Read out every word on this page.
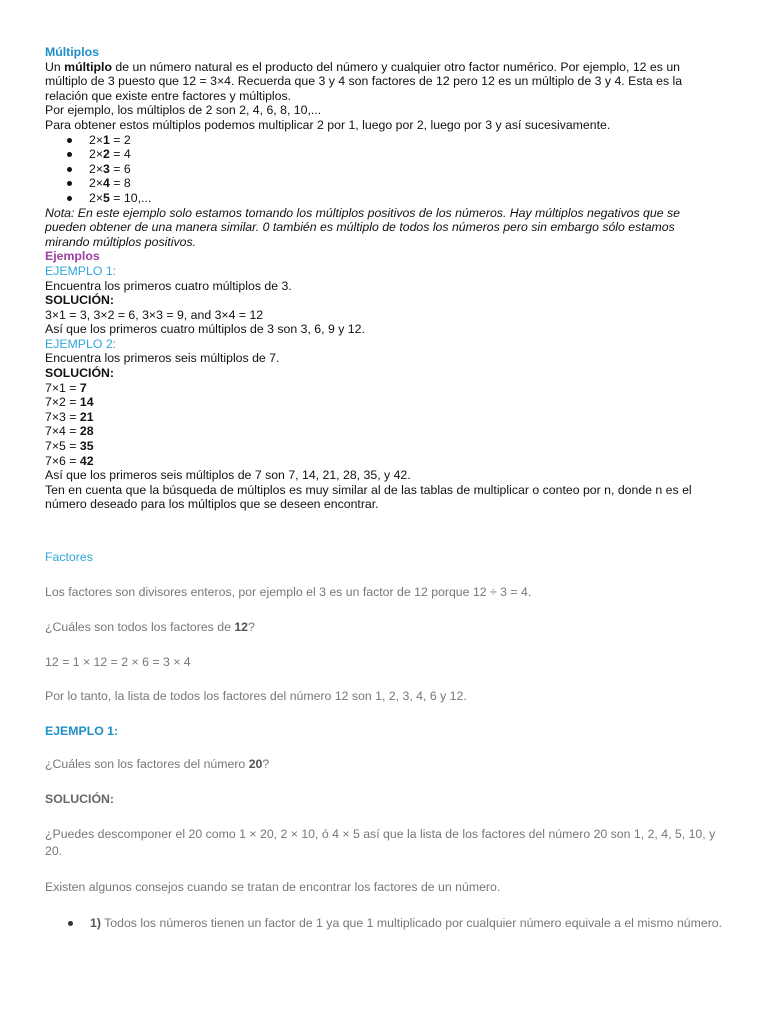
Múltiplos

Un múltiplo de un número natural es el producto del número y cualquier otro factor numérico. Por ejemplo, 12 es un múltiplo de 3 puesto que 12 = 3×4. Recuerda que 3 y 4 son factores de 12 pero 12 es un múltiplo de 3 y 4. Esta es la relación que existe entre factores y múltiplos.

Por ejemplo, los múltiplos de 2 son 2, 4, 6, 8, 10,...

Para obtener estos múltiplos podemos multiplicar 2 por 1, luego por 2, luego por 3 y así sucesivamente.

2×1 = 2
2×2 = 4
2×3 = 6
2×4 = 8
2×5 = 10,...

Nota: En este ejemplo solo estamos tomando los múltiplos positivos de los números. Hay múltiplos negativos que se pueden obtener de una manera similar. 0 también es múltiplo de todos los números pero sin embargo sólo estamos mirando múltiplos positivos.

Ejemplos

EJEMPLO 1:

Encuentra los primeros cuatro múltiplos de 3.

SOLUCIÓN:

3×1 = 3, 3×2 = 6, 3×3 = 9, and 3×4 = 12

Así que los primeros cuatro múltiplos de 3 son 3, 6, 9 y 12.

EJEMPLO 2:

Encuentra los primeros seis múltiplos de 7.

SOLUCIÓN:

7×1 = 7

7×2 = 14

7×3 = 21

7×4 = 28

7×5 = 35

7×6 = 42

Así que los primeros seis múltiplos de 7 son 7, 14, 21, 28, 35, y 42.

Ten en cuenta que la búsqueda de múltiplos es muy similar al de las tablas de multiplicar o conteo por n, donde n es el número deseado para los múltiplos que se deseen encontrar.

Factores
Los factores son divisores enteros, por ejemplo el 3 es un factor de 12 porque 12 ÷ 3 = 4.
¿Cuáles son todos los factores de 12?
12 = 1 × 12 = 2 × 6 = 3 × 4
Por lo tanto, la lista de todos los factores del número 12 son 1, 2, 3, 4, 6 y 12.
EJEMPLO 1:
¿Cuáles son los factores del número 20?
SOLUCIÓN:
¿Puedes descomponer el 20 como 1 × 20, 2 × 10, ó 4 × 5 así que la lista de los factores del número 20 son 1, 2, 4, 5, 10, y 20.
Existen algunos consejos cuando se tratan de encontrar los factores de un número.
1) Todos los números tienen un factor de 1 ya que 1 multiplicado por cualquier número equivale a el mismo número.
